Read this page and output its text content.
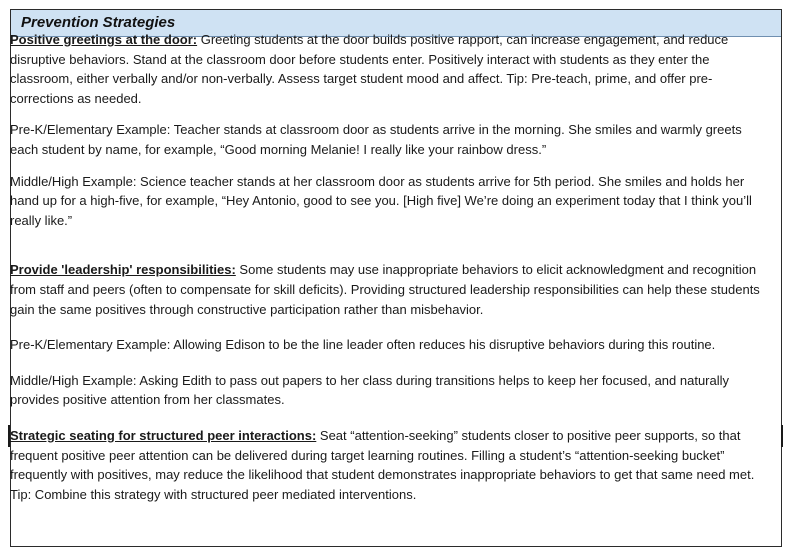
Prevention Strategies

Positive greetings at the door: Greeting students at the door builds positive rapport, can increase engagement, and reduce disruptive behaviors. Stand at the classroom door before students enter. Positively interact with students as they enter the classroom, either verbally and/or non-verbally. Assess target student mood and affect. Tip: Pre-teach, prime, and offer pre-corrections as needed.

Pre-K/Elementary Example: Teacher stands at classroom door as students arrive in the morning. She smiles and warmly greets each student by name, for example, “Good morning Melanie! I really like your rainbow dress.”

Middle/High Example: Science teacher stands at her classroom door as students arrive for 5th period. She smiles and holds her hand up for a high-five, for example, “Hey Antonio, good to see you. [High five] We’re doing an experiment today that I think you’ll really like.”

Provide 'leadership' responsibilities: Some students may use inappropriate behaviors to elicit acknowledgment and recognition from staff and peers (often to compensate for skill deficits). Providing structured leadership responsibilities can help these students gain the same positives through constructive participation rather than misbehavior.

Pre-K/Elementary Example: Allowing Edison to be the line leader often reduces his disruptive behaviors during this routine.

Middle/High Example: Asking Edith to pass out papers to her class during transitions helps to keep her focused, and naturally provides positive attention from her classmates.

Strategic seating for structured peer interactions: Seat “attention-seeking” students closer to positive peer supports, so that frequent positive peer attention can be delivered during target learning routines. Filling a student’s “attention-seeking bucket” frequently with positives, may reduce the likelihood that student demonstrates inappropriate behaviors to get that same need met. Tip: Combine this strategy with structured peer mediated interventions.
